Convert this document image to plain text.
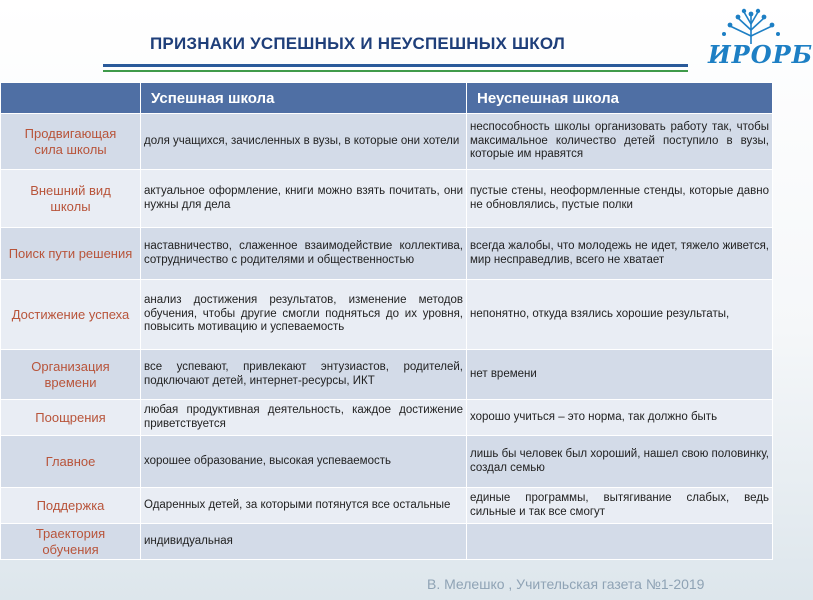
ПРИЗНАКИ УСПЕШНЫХ И НЕУСПЕШНЫХ ШКОЛ	ИРОРБ
	Успешная школа	Неуспешная школа
Продвигающая сила школы	доля учащихся, зачисленных в вузы, в которые они хотели	неспособность школы организовать работу так, чтобы максимальное количество детей поступило в вузы, которые им нравятся
Внешний вид школы	актуальное оформление, книги можно взять почитать, они нужны для дела	пустые стены, неоформленные стенды, которые давно не обновлялись, пустые полки
Поиск пути решения	наставничество, слаженное взаимодействие коллектива, сотрудничество с родителями и общественностью	всегда жалобы, что молодежь не идет, тяжело живется, мир несправедлив, всего не хватает
Достижение успеха	анализ достижения результатов, изменение методов обучения, чтобы другие смогли подняться до их уровня, повысить мотивацию и успеваемость	непонятно, откуда взялись хорошие результаты,
Организация времени	все успевают, привлекают энтузиастов, родителей, подключают детей, интернет-ресурсы, ИКТ	нет времени
Поощрения	любая продуктивная деятельность, каждое достижение приветствуется	хорошо учиться – это норма, так должно быть
Главное	хорошее образование, высокая успеваемость	лишь бы человек был хороший, нашел свою половинку, создал семью
Поддержка	Одаренных детей, за которыми потянутся все остальные	единые программы, вытягивание слабых, ведь сильные и так все смогут
Траектория обучения	индивидуальная	
В. Мелешко , Учительская газета №1-2019
